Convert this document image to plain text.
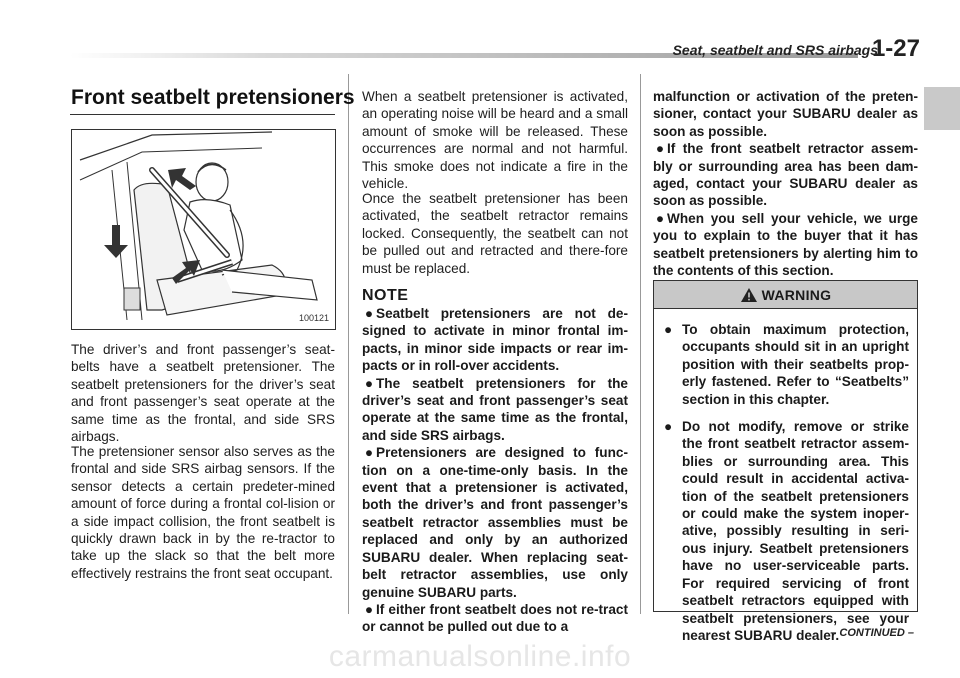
Seat, seatbelt and SRS airbags
1-27
Front seatbelt pretensioners
100121

The driver’s and front passenger’s seat-belts have a seatbelt pretensioner. The seatbelt pretensioners for the driver’s seat and front passenger’s seat operate at the same time as the frontal, and side SRS airbags.

The pretensioner sensor also serves as the frontal and side SRS airbag sensors. If the sensor detects a certain predeter-mined amount of force during a frontal col-lision or a side impact collision, the front seatbelt is quickly drawn back in by the re-tractor to take up the slack so that the belt more effectively restrains the front seat occupant.

When a seatbelt pretensioner is activated, an operating noise will be heard and a small amount of smoke will be released. These occurrences are normal and not harmful. This smoke does not indicate a fire in the vehicle.

Once the seatbelt pretensioner has been activated, the seatbelt retractor remains locked. Consequently, the seatbelt can not be pulled out and retracted and there-fore must be replaced.

NOTE
● Seatbelt pretensioners are not de-signed to activate in minor frontal im-pacts, in minor side impacts or rear im-pacts or in roll-over accidents.
● The seatbelt pretensioners for the driver’s seat and front passenger’s seat operate at the same time as the frontal, and side SRS airbags.
● Pretensioners are designed to func-tion on a one-time-only basis. In the event that a pretensioner is activated, both the driver’s and front passenger’s seatbelt retractor assemblies must be replaced and only by an authorized SUBARU dealer. When replacing seat-belt retractor assemblies, use only genuine SUBARU parts.
● If either front seatbelt does not re-tract or cannot be pulled out due to a
malfunction or activation of the preten-sioner, contact your SUBARU dealer as soon as possible.
● If the front seatbelt retractor assem-bly or surrounding area has been dam-aged, contact your SUBARU dealer as soon as possible.
● When you sell your vehicle, we urge you to explain to the buyer that it has seatbelt pretensioners by alerting him to the contents of this section.
WARNING
● To obtain maximum protection, occupants should sit in an upright position with their seatbelts prop-erly fastened. Refer to “Seatbelts” section in this chapter.
● Do not modify, remove or strike the front seatbelt retractor assem-blies or surrounding area. This could result in accidental activa-tion of the seatbelt pretensioners or could make the system inoper-ative, possibly resulting in seri-ous injury. Seatbelt pretensioners have no user-serviceable parts. For required servicing of front seatbelt retractors equipped with seatbelt pretensioners, see your nearest SUBARU dealer.
– CONTINUED –
carmanualsonline.info
